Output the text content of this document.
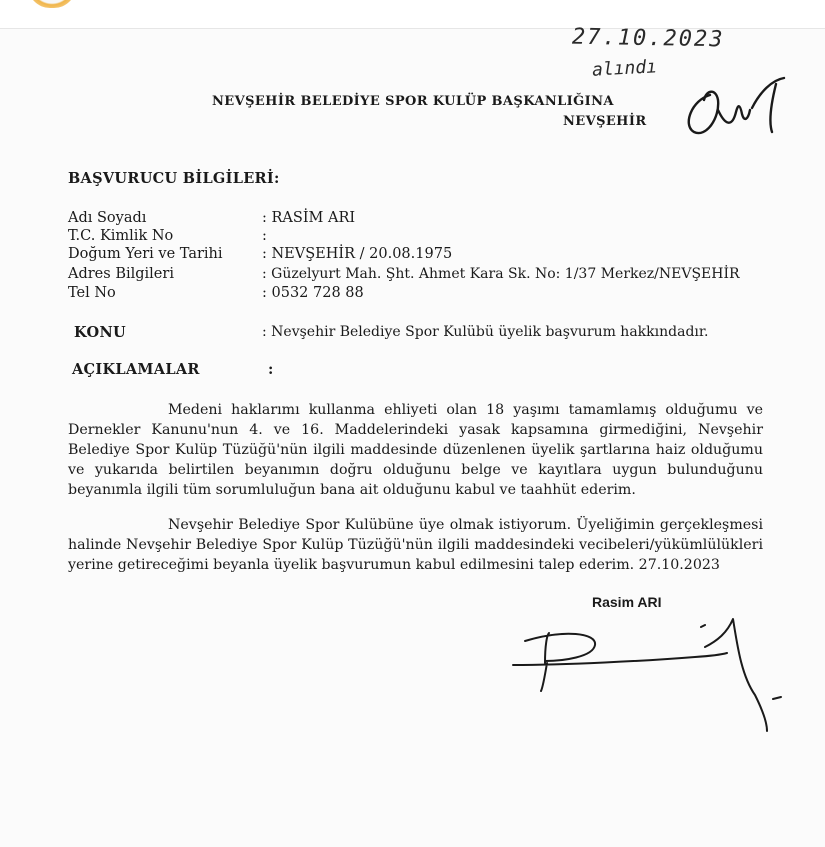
27.10.2023
alındı
NEVŞEHİR BELEDİYE SPOR KULÜP BAŞKANLIĞINA
NEVŞEHİR
BAŞVURUCU BİLGİLERİ:
Adı Soyadı	: RASİM ARI
T.C. Kimlik No	:
Doğum Yeri ve Tarihi	: NEVŞEHİR / 20.08.1975
Adres Bilgileri	: Güzelyurt Mah. Şht. Ahmet Kara Sk. No: 1/37 Merkez/NEVŞEHİR
Tel No	: 0532 728 88
KONU	: Nevşehir Belediye Spor Kulübü üyelik başvurum hakkındadır.
AÇIKLAMALAR	:
Medeni haklarımı kullanma ehliyeti olan 18 yaşımı tamamlamış olduğumu ve Dernekler Kanunu'nun 4. ve 16. Maddelerindeki yasak kapsamına girmediğini, Nevşehir Belediye Spor Kulüp Tüzüğü'nün ilgili maddesinde düzenlenen üyelik şartlarına haiz olduğumu ve yukarıda belirtilen beyanımın doğru olduğunu belge ve kayıtlara uygun bulunduğunu beyanımla ilgili tüm sorumluluğun bana ait olduğunu kabul ve taahhüt ederim.
Nevşehir Belediye Spor Kulübüne üye olmak istiyorum. Üyeliğimin gerçekleşmesi halinde Nevşehir Belediye Spor Kulüp Tüzüğü'nün ilgili maddesindeki vecibeleri/yükümlülükleri yerine getireceğimi beyanla üyelik başvurumun kabul edilmesini talep ederim. 27.10.2023
Rasim ARI
